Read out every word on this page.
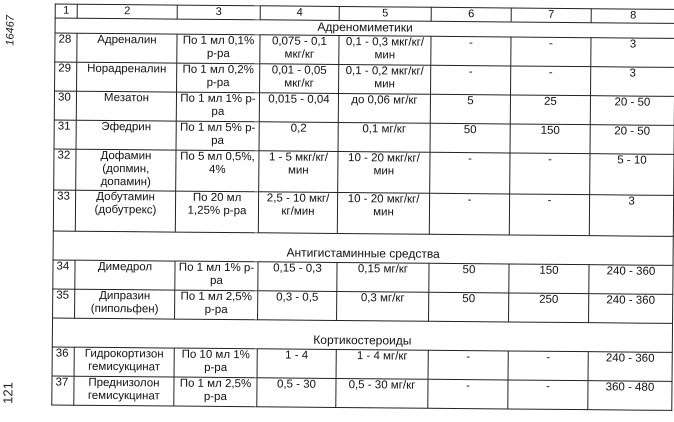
16467
121
1	2	3	4	5	6	7	8
Адреномиметики							
28	Адреналин	По 1 мл 0,1% р-ра	0,075 - 0,1 мкг/кг	0,1 - 0,3 мкг/кг/мин	-	-	3
29	Норадреналин	По 1 мл 0,2% р-ра	0,01 - 0,05 мкг/кг	0,1 - 0,2 мкг/кг/мин	-	-	3
30	Мезатон	По 1 мл 1% р-ра	0,015 - 0,04	до 0,06 мг/кг	5	25	20 - 50
31	Эфедрин	По 1 мл 5% р-ра	0,2	0,1 мг/кг	50	150	20 - 50
32	Дофамин (допмин, допамин)	По 5 мл 0,5%, 4%	1 - 5 мкг/кг/мин	10 - 20 мкг/кг/мин	-	-	5 - 10
33	Добутамин (добутрекс)	По 20 мл 1,25% р-ра	2,5 - 10 мкг/кг/мин	10 - 20 мкг/кг/мин	-	-	3
Антигистаминные средства							
34	Димедрол	По 1 мл 1% р-ра	0,15 - 0,3	0,15 мг/кг	50	150	240 - 360
35	Дипразин (пипольфен)	По 1 мл 2,5% р-ра	0,3 - 0,5	0,3 мг/кг	50	250	240 - 360
Кортикостероиды							
36	Гидрокортизон гемисукцинат	По 10 мл 1% р-ра	1 - 4	1 - 4 мг/кг	-	-	240 - 360
37	Преднизолон гемисукцинат	По 1 мл 2,5% р-ра	0,5 - 30	0,5 - 30 мг/кг	-	-	360 - 480
